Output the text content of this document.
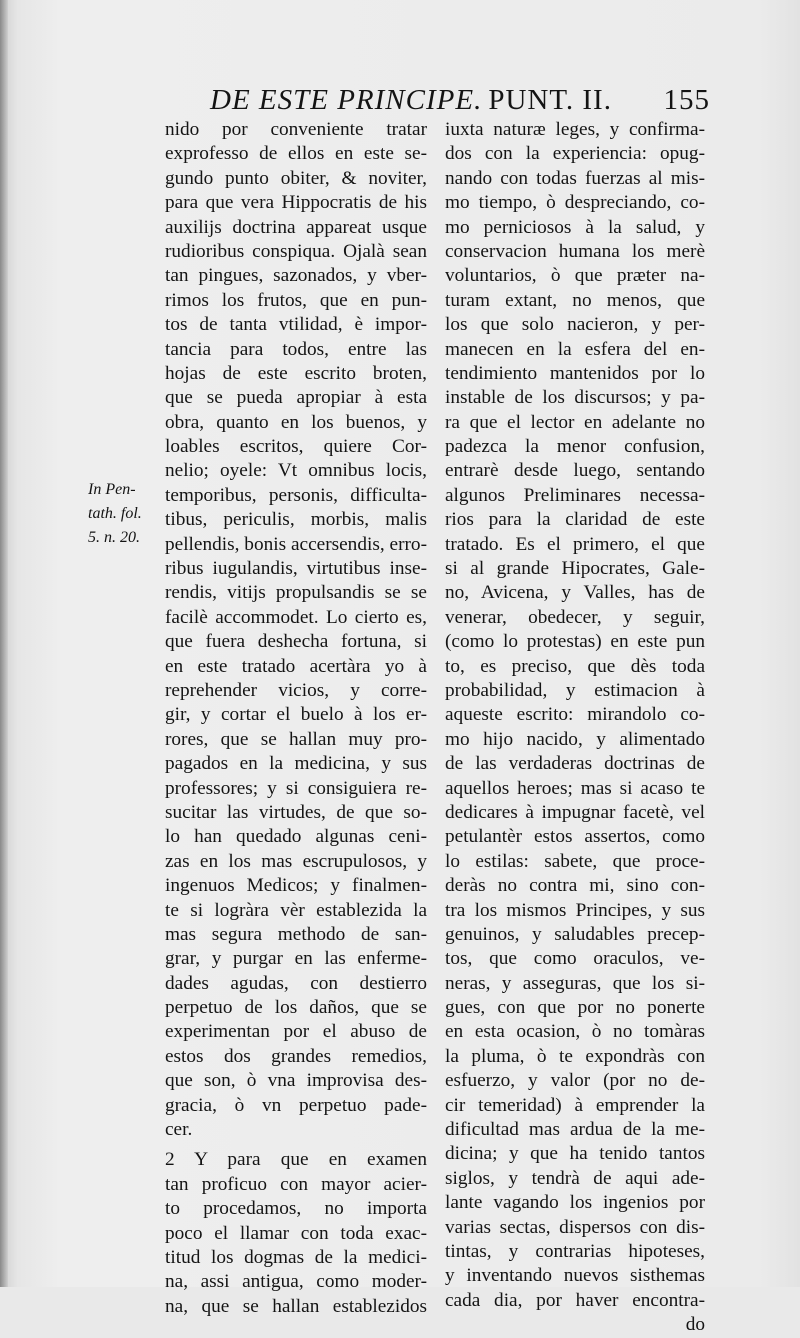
DE ESTE PRINCIPE. PUNT. II. 155
In Pen-
tath. fol.
5. n. 20.
nido por conveniente tratar
exprofesso de ellos en este se-
gundo punto obiter, & noviter,
para que vera Hippocratis de his
auxilijs doctrina appareat usque
rudioribus conspiqua. Ojalà sean
tan pingues, sazonados, y vber-
rimos los frutos, que en pun-
tos de tanta vtilidad, è impor-
tancia para todos, entre las
hojas de este escrito broten,
que se pueda apropiar à esta
obra, quanto en los buenos, y
loables escritos, quiere Cor-
nelio; oyele: Vt omnibus locis,
temporibus, personis, difficulta-
tibus, periculis, morbis, malis
pellendis, bonis accersendis, erro-
ribus iugulandis, virtutibus inse-
rendis, vitijs propulsandis se se
facilè accommodet. Lo cierto es,
que fuera deshecha fortuna, si
en este tratado acertàra yo à
reprehender vicios, y corre-
gir, y cortar el buelo à los er-
rores, que se hallan muy pro-
pagados en la medicina, y sus
professores; y si consiguiera re-
sucitar las virtudes, de que so-
lo han quedado algunas ceni-
zas en los mas escrupulosos, y
ingenuos Medicos; y finalmen-
te si logràra vèr establezida la
mas segura methodo de san-
grar, y purgar en las enferme-
dades agudas, con destierro
perpetuo de los daños, que se
experimentan por el abuso de
estos dos grandes remedios,
que son, ò vna improvisa des-
gracia, ò vn perpetuo pade-
cer.
2 Y para que en examen
tan proficuo con mayor acier-
to procedamos, no importa
poco el llamar con toda exac-
titud los dogmas de la medici-
na, assi antigua, como moder-
na, que se hallan establezidos
iuxta naturæ leges, y confirma-
dos con la experiencia: opug-
nando con todas fuerzas al mis-
mo tiempo, ò despreciando, co-
mo perniciosos à la salud, y
conservacion humana los merè
voluntarios, ò que præter na-
turam extant, no menos, que
los que solo nacieron, y per-
manecen en la esfera del en-
tendimiento mantenidos por lo
instable de los discursos; y pa-
ra que el lector en adelante no
padezca la menor confusion,
entrarè desde luego, sentando
algunos Preliminares necessa-
rios para la claridad de este
tratado. Es el primero, el que
si al grande Hipocrates, Gale-
no, Avicena, y Valles, has de
venerar, obedecer, y seguir,
(como lo protestas) en este pun
to, es preciso, que dès toda
probabilidad, y estimacion à
aqueste escrito: mirandolo co-
mo hijo nacido, y alimentado
de las verdaderas doctrinas de
aquellos heroes; mas si acaso te
dedicares à impugnar facetè, vel
petulantèr estos assertos, como
lo estilas: sabete, que proce-
deràs no contra mi, sino con-
tra los mismos Principes, y sus
genuinos, y saludables precep-
tos, que como oraculos, ve-
neras, y asseguras, que los si-
gues, con que por no ponerte
en esta ocasion, ò no tomàras
la pluma, ò te expondràs con
esfuerzo, y valor (por no de-
cir temeridad) à emprender la
dificultad mas ardua de la me-
dicina; y que ha tenido tantos
siglos, y tendrà de aqui ade-
lante vagando los ingenios por
varias sectas, dispersos con dis-
tintas, y contrarias hipoteses,
y inventando nuevos sisthemas
cada dia, por haver encontra-
do
